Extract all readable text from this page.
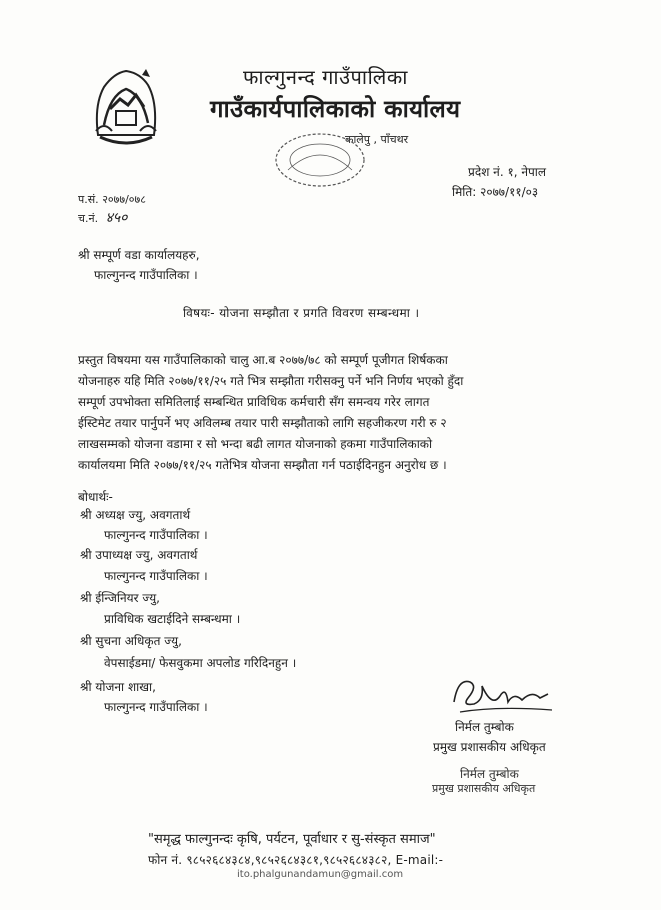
फाल्गुनन्द गाउँपालिका
गाउँकार्यपालिकाको कार्यालय
कालेपु , पाँचथर
प्रदेश नं. १, नेपाल
मिति: २०७७/११/०३
प.सं. २०७७/०७८
च.नं. ४५०
श्री सम्पूर्ण वडा कार्यालयहरु,
फाल्गुनन्द गाउँपालिका ।
विषयः- योजना सम्झौता र प्रगति विवरण सम्बन्धमा ।
प्रस्तुत विषयमा यस गाउँपालिकाको चालु आ.ब २०७७/७८ को सम्पूर्ण पूजीगत शिर्षकका
योजनाहरु यहि मिति २०७७/११/२५ गते भित्र सम्झौता गरीसक्नु पर्ने भनि निर्णय भएको हुँदा
सम्पूर्ण उपभोक्ता समितिलाई सम्बन्धित प्राविधिक कर्मचारी सँग समन्वय गरेर लागत
ईस्टिमेट तयार पार्नुपर्ने भए अविलम्ब तयार पारी सम्झौताको लागि सहजीकरण गरी रु २
लाखसम्मको योजना वडामा र सो भन्दा बढी लागत योजनाको हकमा गाउँपालिकाको
कार्यालयमा मिति २०७७/११/२५ गतेभित्र योजना सम्झौता गर्न पठाईदिनहुन अनुरोध छ ।
बोधार्थः-
श्री अध्यक्ष ज्यु, अवगतार्थ
फाल्गुनन्द गाउँपालिका ।
श्री उपाध्यक्ष ज्यु, अवगतार्थ
फाल्गुनन्द गाउँपालिका ।
श्री ईन्जिनियर ज्यु,
प्राविधिक खटाईदिने सम्बन्धमा ।
श्री सुचना अधिकृत ज्यु,
वेपसाईडमा/ फेसवुकमा अपलोड गरिदिनहुन ।
श्री योजना शाखा,
फाल्गुनन्द गाउँपालिका ।
निर्मल तुम्बोक
प्रमुख प्रशासकीय अधिकृत
निर्मल तुम्बोक
प्रमुख प्रशासकीय अधिकृत
"समृद्ध फाल्गुनन्दः कृषि, पर्यटन, पूर्वाधार र सु-संस्कृत समाज"
फोन नं. ९८५२६८४३८४,९८५२६८४३८१,९८५२६८४३८२, E-mail:-
ito.phalgunandamun@gmail.com
